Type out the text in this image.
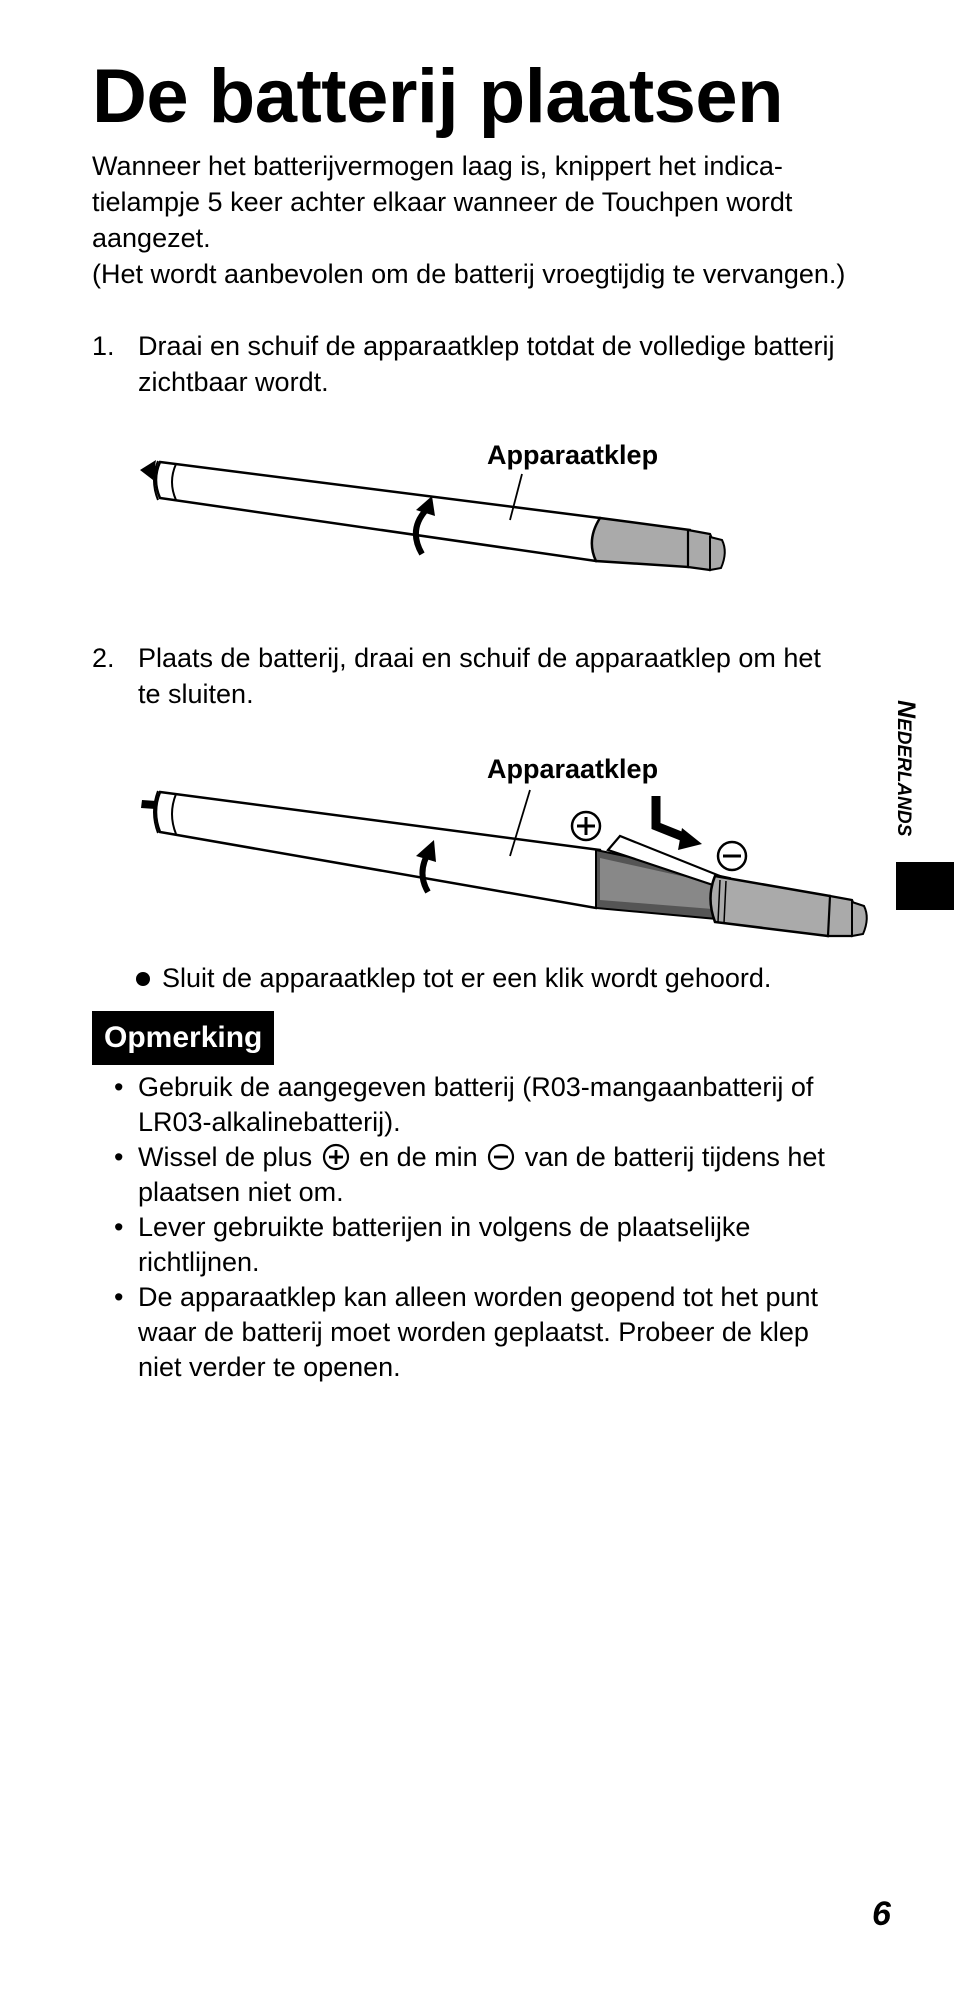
De batterij plaatsen
Wanneer het batterijvermogen laag is, knippert het indica-
tielampje 5 keer achter elkaar wanneer de Touchpen wordt
aangezet.
(Het wordt aanbevolen om de batterij vroegtijdig te vervangen.)
1. Draai en schuif de apparaatklep totdat de volledige batterij
zichtbaar wordt.
Apparaatklep
2. Plaats de batterij, draai en schuif de apparaatklep om het
te sluiten.
Apparaatklep
Sluit de apparaatklep tot er een klik wordt gehoord.
Opmerking
• Gebruik de aangegeven batterij (R03-mangaanbatterij of
LR03-alkalinebatterij).
• Wissel de plus en de min van de batterij tijdens het
plaatsen niet om.
• Lever gebruikte batterijen in volgens de plaatselijke
richtlijnen.
• De apparaatklep kan alleen worden geopend tot het punt
waar de batterij moet worden geplaatst. Probeer de klep
niet verder te openen.
NEDERLANDS
6
